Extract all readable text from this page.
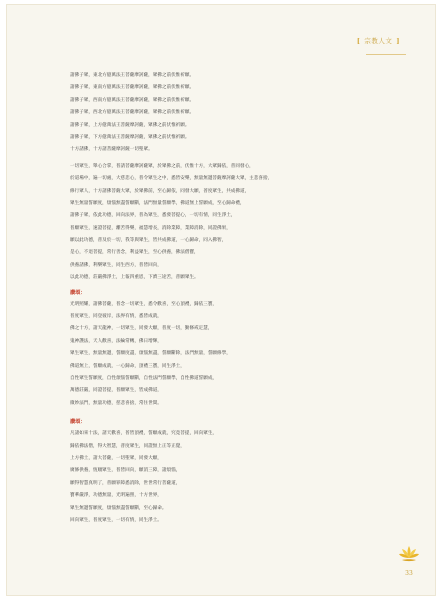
[ 宗教人文 ]
諸佛子眾，東北方億萬法王菩薩摩訶薩，眾佛之前伏惟祈願。
諸佛子眾，東南方億萬法王菩薩摩訶薩，眾佛之前伏惟祈願。
諸佛子眾，西南方億萬法王菩薩摩訶薩，眾佛之前伏惟祈願。
諸佛子眾，西北方億萬法王菩薩摩訶薩，眾佛之前伏惟祈願。
諸佛子眾，上方億萬法王菩薩摩訶薩，眾佛之前伏惟祈願。
諸佛子眾，下方億萬法王菩薩摩訶薩，眾佛之前伏惟祈願。
十方諸佛，十方諸菩薩摩訶薩一切聖眾。
一切眾生，舉心合掌，普請菩薩摩訶薩眾，於眾佛之前，伏惟十方，大眾歸依，普同發心，
於道場中，遍一切處，大慈悲心，普令眾生之中，悉皆安樂，無量無邊菩薩摩訶薩大眾，主悲喜捨，
修行眾人，十方諸佛菩薩大眾，於眾佛前，至心歸依，同發大願，普度眾生，共成佛道，
眾生無量誓願度，煩惱無盡誓願斷，法門無量誓願學，佛道無上誓願成，至心歸命禮，
諸佛子眾，依此功德，回向法界，普為眾生，悉發菩提心，一切有情，同生淨土，
普願眾生，速證菩提，離苦得樂，福慧增長，消除業障，業障消除，同證佛果，
願以此功德，普及於一切，我等與眾生，皆共成佛道，一心歸命，同入佛智，
是心，不退菩提，常行善念，利益眾生，至心供養，佛法僧寶，
供養諸佛，利樂眾生，同生西方，普皆回向，
以此功德，莊嚴佛淨土，上報四重恩，下濟三途苦，普願眾生。
讚頌：
光明照耀，諸佛菩薩，普念一切眾生，悉令歡喜，至心頂禮，歸依三寶，
普度眾生，同登彼岸，法界有情，悉皆成就，
佛之十方，諸天龍神，一切眾生，同發大願，普度一切，勤修戒定慧，
鬼神護法，天人歡喜，法輪常轉，佛日增輝，
眾生眾生，無量無邊，誓願度盡，煩惱無盡，誓願斷除，法門無量，誓願修學，
佛道無上，誓願成就，一心歸命，頂禮三寶，同生淨土，
自性眾生誓願度，自性煩惱誓願斷，自性法門誓願學，自性佛道誓願成，
萬德莊嚴，同證菩提，普願眾生，皆成佛道，
微妙法門，無量功德，慈悲喜捨，常住世間。
讚頌：
凡諸如來十法，諸天歡喜，普皆頂禮，誓願成就，究竟菩提，回向眾生，
歸依佛法僧，得大智慧，普度眾生，同證無上正等正覺，
上方佛土，諸大菩薩，一切聖眾，同發大願，
廣修供養，恆順眾生，普皆回向，願消三障，諸煩惱，
願得智慧真明了，普願罪障悉消除，世世常行菩薩道，
寶華嚴淨，功德無量，光明遍照，十方世界，
眾生無邊誓願度，煩惱無盡誓願斷，至心歸命。
回向眾生，普度眾生，一切有情，同生淨土。
33
